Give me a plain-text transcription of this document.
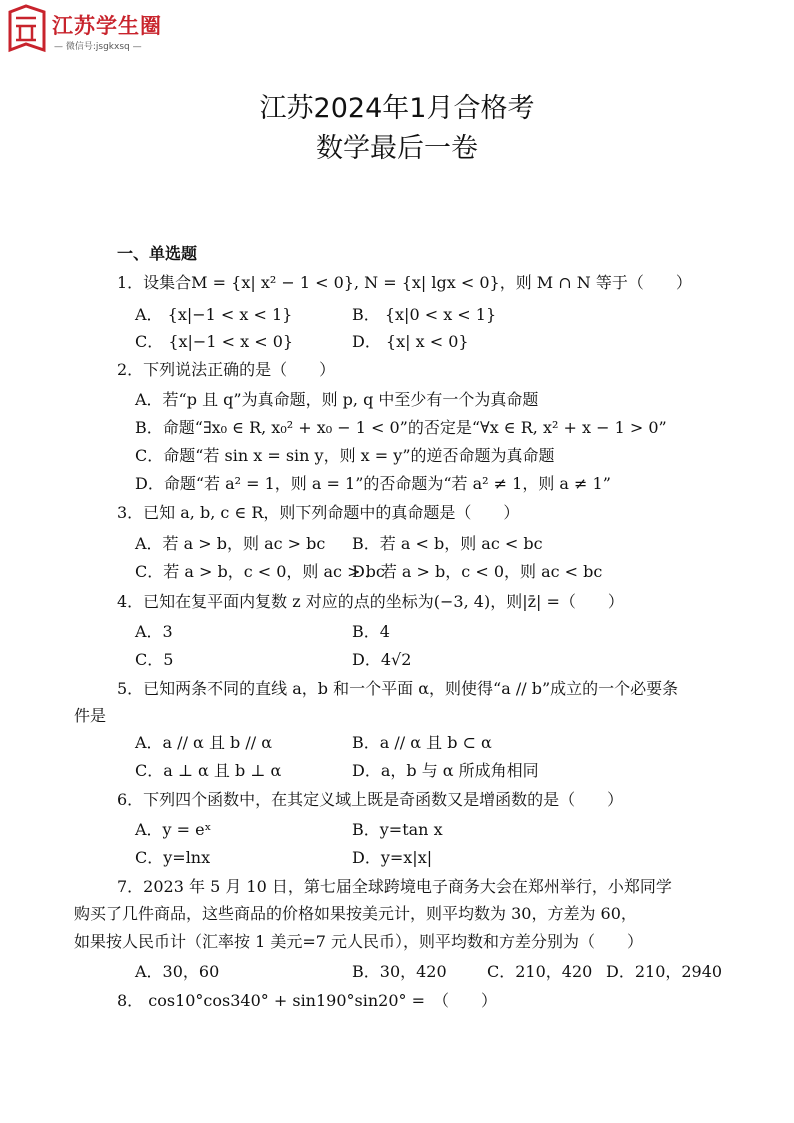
江苏学生圈
— 微信号:jsgkxsq —
江苏2024年1月合格考
数学最后一卷
一、单选题
1．设集合M = {x| x² − 1 < 0}, N = {x| lgx < 0}，则 M ∩ N 等于（　　）
A． {x|−1 < x < 1}	B． {x|0 < x < 1}
C． {x|−1 < x < 0}	D． {x| x < 0}
2．下列说法正确的是（　　）
A．若“p 且 q”为真命题，则 p, q 中至少有一个为真命题
B．命题“∃x₀ ∈ R, x₀² + x₀ − 1 < 0”的否定是“∀x ∈ R, x² + x − 1 > 0”
C．命题“若 sin x = sin y，则 x = y”的逆否命题为真命题
D．命题“若 a² = 1，则 a = 1”的否命题为“若 a² ≠ 1，则 a ≠ 1”
3．已知 a, b, c ∈ R，则下列命题中的真命题是（　　）
A．若 a > b，则 ac > bc B．若 a < b，则 ac < bc
C．若 a > b，c < 0，则 ac > bc
D．若 a > b，c < 0，则 ac < bc
4．已知在复平面内复数 z 对应的点的坐标为(−3, 4)，则|z̄| =（　　）
A．3	B．4
C．5	D．4√2
5．已知两条不同的直线 a，b 和一个平面 α，则使得“a // b”成立的一个必要条
件是
A．a // α 且 b // α	B．a // α 且 b ⊂ α
C．a ⊥ α 且 b ⊥ α	D．a，b 与 α 所成角相同
6．下列四个函数中，在其定义域上既是奇函数又是增函数的是（　　）
A．y = eˣ	B．y=tan x
C．y=lnx	D．y=x|x|
7．2023 年 5 月 10 日，第七届全球跨境电子商务大会在郑州举行，小郑同学
购买了几件商品，这些商品的价格如果按美元计，则平均数为 30，方差为 60，
如果按人民币计（汇率按 1 美元=7 元人民币），则平均数和方差分别为（　　）
A．30，60	B．30，420	C．210，420 D．210，2940
8． cos10°cos340° + sin190°sin20° =　（　　）
